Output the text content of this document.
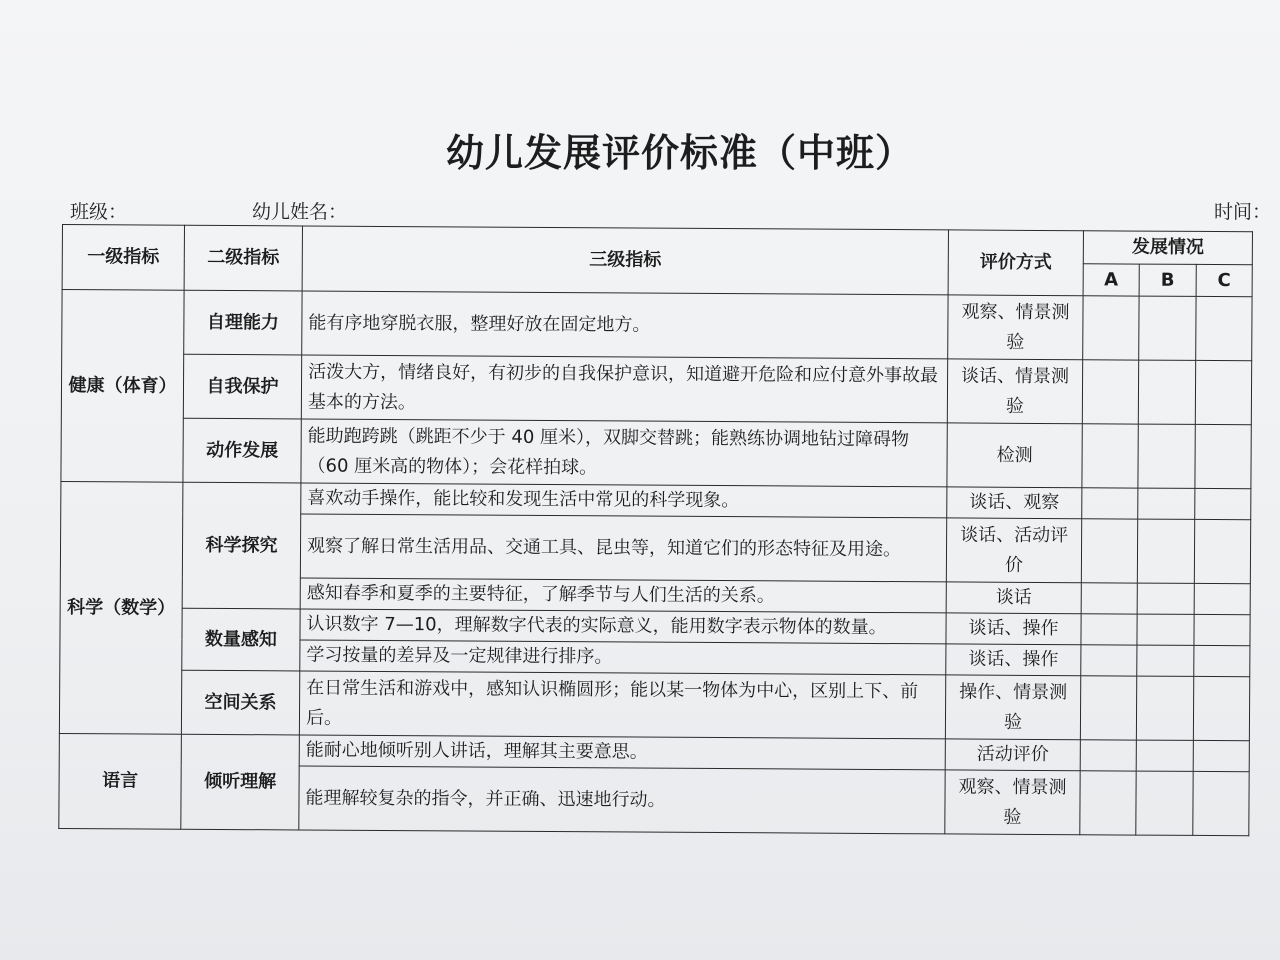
幼儿发展评价标准（中班）
班级：	幼儿姓名：	时间：
一级指标	二级指标	三级指标	评价方式	发展情况		
				A	B	C
健康（体育）	自理能力	能有序地穿脱衣服，整理好放在固定地方。	观察、情景测验			
	自我保护	活泼大方，情绪良好，有初步的自我保护意识，知道避开危险和应付意外事故最基本的方法。	谈话、情景测验			
	动作发展	能助跑跨跳（跳距不少于 40 厘米），双脚交替跳；能熟练协调地钻过障碍物（60 厘米高的物体）；会花样拍球。	检测			
科学（数学）	科学探究	喜欢动手操作，能比较和发现生活中常见的科学现象。	谈话、观察			
		观察了解日常生活用品、交通工具、昆虫等，知道它们的形态特征及用途。	谈话、活动评价			
		感知春季和夏季的主要特征，了解季节与人们生活的关系。	谈话			
	数量感知	认识数字 7—10，理解数字代表的实际意义，能用数字表示物体的数量。	谈话、操作			
		学习按量的差异及一定规律进行排序。	谈话、操作			
	空间关系	在日常生活和游戏中，感知认识椭圆形；能以某一物体为中心，区别上下、前后。	操作、情景测验			
语言	倾听理解	能耐心地倾听别人讲话，理解其主要意思。	活动评价			
		能理解较复杂的指令，并正确、迅速地行动。	观察、情景测验			
